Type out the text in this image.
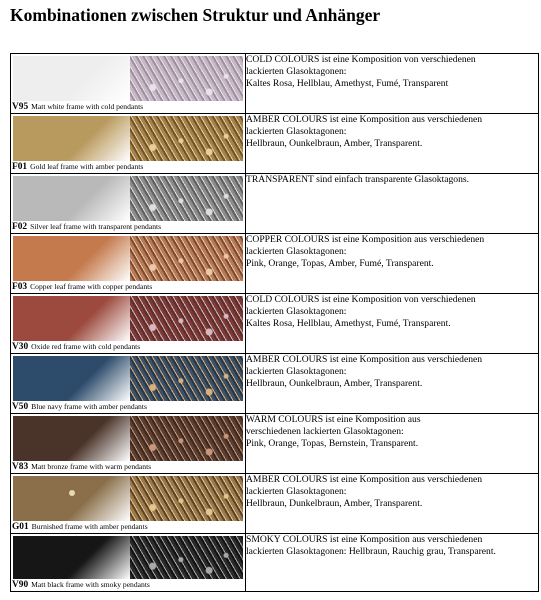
Kombinationen zwischen Struktur und Anhänger
V95 Matt white frame with cold pendants	COLD COLOURS ist eine Komposition von verschiedenen
lackierten Glasoktagonen:
Kaltes Rosa, Hellblau, Amethyst, Fumé, Transparent

F01 Gold leaf frame with amber pendants	AMBER COLOURS ist eine Komposition aus verschiedenen
lackierten Glasoktagonen:
Hellbraun, Ounkelbraun, Amber, Transparent.

F02 Silver leaf frame with transparent pendants	TRANSPARENT sind einfach transparente Glasoktagons.

F03 Copper leaf frame with copper pendants	COPPER COLOURS ist eine Komposition aus verschiedenen
lackierten Glasoktagonen:
Pink, Orange, Topas, Amber, Fumé, Transparent.

V30 Oxide red frame with cold pendants	COLD COLOURS ist eine Komposition von verschiedenen
lackierten Glasoktagonen:
Kaltes Rosa, Hellblau, Amethyst, Fumé, Transparent.

V50 Blue navy frame with amber pendants	AMBER COLOURS ist eine Komposition aus verschiedenen
lackierten Glasoktagonen:
Hellbraun, Ounkelbraun, Amber, Transparent.

V83 Matt bronze frame with warm pendants	WARM COLOURS ist eine Komposition aus
verschiedenen lackierten Glasoktagonen:
Pink, Orange, Topas, Bernstein, Transparent.

G01 Burnished frame with amber pendants	AMBER COLOURS ist eine Komposition aus verschiedenen
lackierten Glasoktagonen:
Hellbraun, Dunkelbraun, Amber, Transparent.

V90 Matt black frame with smoky pendants	SMOKY COLOURS ist eine Komposition aus verschiedenen
lackierten Glasoktagonen: Hellbraun, Rauchig grau, Transparent.
